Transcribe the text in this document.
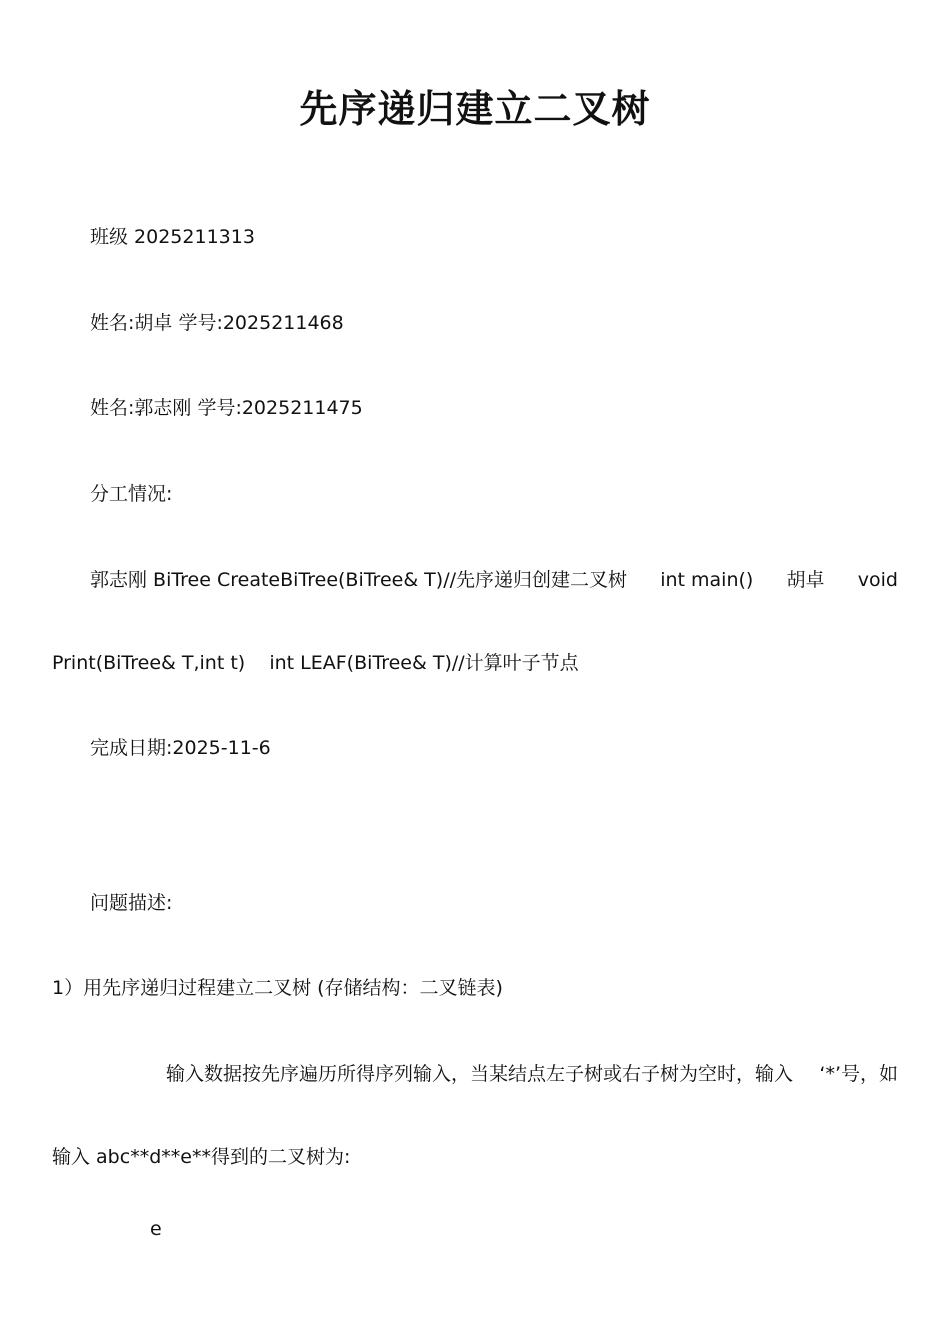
先序递归建立二叉树
班级 2025211313
姓名:胡卓 学号:2025211468
姓名:郭志刚 学号:2025211475
分工情况:
郭志刚 BiTree CreateBiTree(BiTree& T)//先序递归创建二叉树 int main() 胡卓 void
Print(BiTree& T,int t)    int LEAF(BiTree& T)//计算叶子节点
完成日期:2025-11-6
问题描述:
1）用先序递归过程建立二叉树 (存储结构：二叉链表)
输入数据按先序遍历所得序列输入，当某结点左子树或右子树为空时，输入 ‘*’号，如
输入 abc**d**e**得到的二叉树为:
e
